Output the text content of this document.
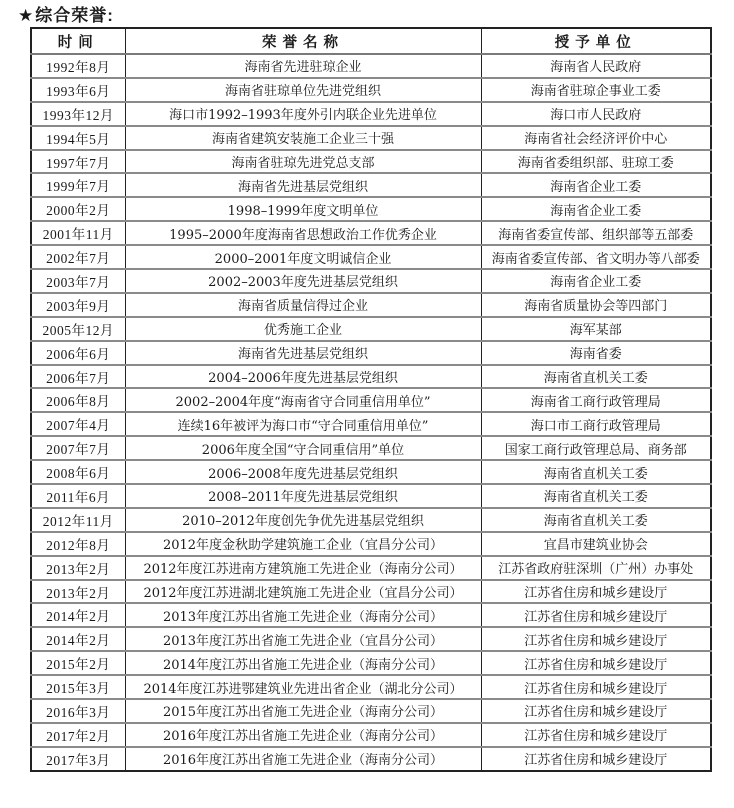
★综合荣誉:
时间	荣誉名称	授予单位
1992年8月	海南省先进驻琼企业	海南省人民政府
1993年6月	海南省驻琼单位先进党组织	海南省驻琼企事业工委
1993年12月	海口市1992–1993年度外引内联企业先进单位	海口市人民政府
1994年5月	海南省建筑安装施工企业三十强	海南省社会经济评价中心
1997年7月	海南省驻琼先进党总支部	海南省委组织部、驻琼工委
1999年7月	海南省先进基层党组织	海南省企业工委
2000年2月	1998–1999年度文明单位	海南省企业工委
2001年11月	1995–2000年度海南省思想政治工作优秀企业	海南省委宣传部、组织部等五部委
2002年7月	2000–2001年度文明诚信企业	海南省委宣传部、省文明办等八部委
2003年7月	2002–2003年度先进基层党组织	海南省企业工委
2003年9月	海南省质量信得过企业	海南省质量协会等四部门
2005年12月	优秀施工企业	海军某部
2006年6月	海南省先进基层党组织	海南省委
2006年7月	2004–2006年度先进基层党组织	海南省直机关工委
2006年8月	2002–2004年度“海南省守合同重信用单位”	海南省工商行政管理局
2007年4月	连续16年被评为海口市“守合同重信用单位”	海口市工商行政管理局
2007年7月	2006年度全国“守合同重信用”单位	国家工商行政管理总局、商务部
2008年6月	2006–2008年度先进基层党组织	海南省直机关工委
2011年6月	2008–2011年度先进基层党组织	海南省直机关工委
2012年11月	2010–2012年度创先争优先进基层党组织	海南省直机关工委
2012年8月	2012年度金秋助学建筑施工企业（宜昌分公司）	宜昌市建筑业协会
2013年2月	2012年度江苏进南方建筑施工先进企业（海南分公司）	江苏省政府驻深圳（广州）办事处
2013年2月	2012年度江苏进湖北建筑施工先进企业（宜昌分公司）	江苏省住房和城乡建设厅
2014年2月	2013年度江苏出省施工先进企业（海南分公司）	江苏省住房和城乡建设厅
2014年2月	2013年度江苏出省施工先进企业（宜昌分公司）	江苏省住房和城乡建设厅
2015年2月	2014年度江苏出省施工先进企业（海南分公司）	江苏省住房和城乡建设厅
2015年3月	2014年度江苏进鄂建筑业先进出省企业（湖北分公司）	江苏省住房和城乡建设厅
2016年3月	2015年度江苏出省施工先进企业（海南分公司）	江苏省住房和城乡建设厅
2017年2月	2016年度江苏出省施工先进企业（海南分公司）	江苏省住房和城乡建设厅
2017年3月	2016年度江苏出省施工先进企业（海南分公司）	江苏省住房和城乡建设厅
